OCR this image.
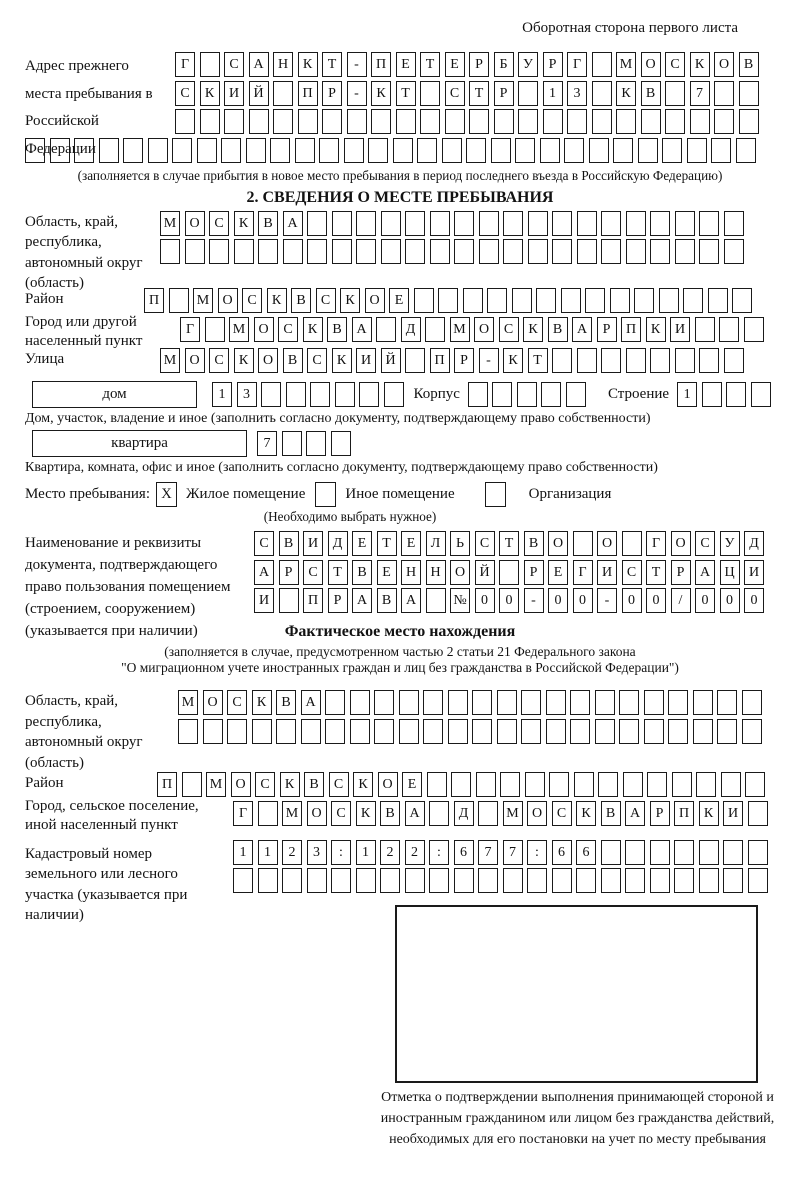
Оборотная сторона первого листа
Адрес прежнего места пребывания в Российской Федерации
Г	С	А	Н	К	Т	-	П	Е	Т	Е	Р	Б	У	Р	Г	М О	С	К	О	В
С	К	И	Й	П	Р	-	К	Т	С	Т	Р	1	3	К	В	7
(заполняется в случае прибытия в новое место пребывания в период последнего въезда в Российскую Федерацию)
2. СВЕДЕНИЯ О МЕСТЕ ПРЕБЫВАНИЯ
Область, край, республика, автономный округ (область)
М О	С	К	В	А
Район	П	М О	С	К	В	С	К	О	Е
Город или другой населенный пункт
Г	М О	С	К	В	А	Д	М О	С	К	В	А	Р	П	К	И
Улица	М О	С	К	О	В	С	К	И	Й	П	Р	-	К	Т
дом	1	3	Корпус	Строение	1
Дом, участок, владение и иное (заполнить согласно документу, подтверждающему право собственности)
квартира	7
Квартира, комната, офис и иное (заполнить согласно документу, подтверждающему право собственности)
Место пребывания: X Жилое помещение	Иное помещение	Организация
(Необходимо выбрать нужное)
Наименование и реквизиты документа, подтверждающего право пользования помещением (строением, сооружением) (указывается при наличии)
С	В	И	Д	Е	Т	Е	Л	Ь	С	Т	В	О	О	Г	О	С	У	Д
А	Р	С	Т	В	Е	Н	Н	О	Й	Р	Е	Г	И	С	Т	Р	А	Ц	И
И	П	Р	А	В	А	№	0	0	-	0	0	-	0	0	/	0	0	0
Фактическое место нахождения
(заполняется в случае, предусмотренном частью 2 статьи 21 Федерального закона
"О миграционном учете иностранных граждан и лиц без гражданства в Российской Федерации")
Область, край, республика, автономный округ (область)
М О	С	К	В	А
Район	П	М О	С	К	В	С	К	О	Е
Город, сельское поселение, иной населенный пункт
Г	М О	С	К	В	А	Д	М О	С	К	В	А	Р	П	К	И
Кадастровый номер земельного или лесного участка (указывается при наличии)
1	1	2	3	:	1	2	2	:	6	7	7	:	6	6
Отметка о подтверждении выполнения принимающей стороной и иностранным гражданином или лицом без гражданства действий, необходимых для его постановки на учет по месту пребывания
